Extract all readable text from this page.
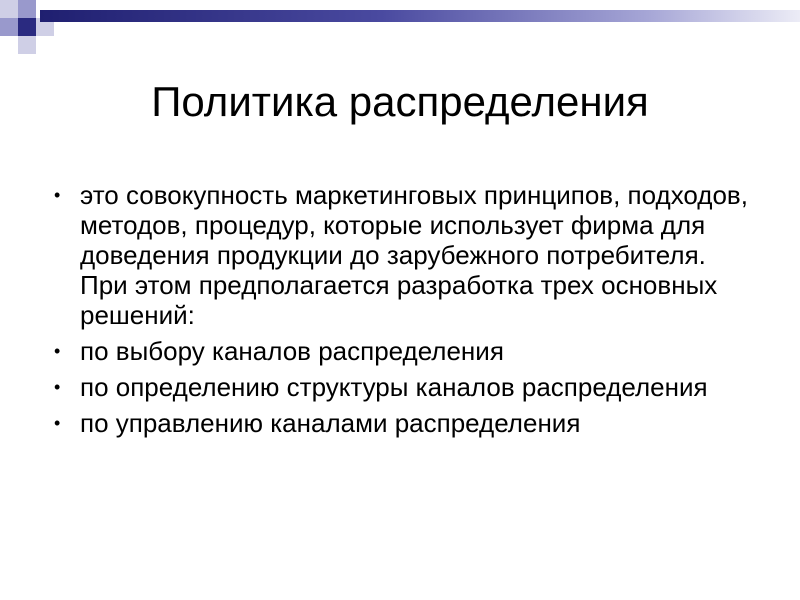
Политика распределения
• это совокупность маркетинговых принципов, подходов, методов, процедур, которые использует фирма для доведения продукции до зарубежного потребителя. При этом предполагается разработка трех основных решений:
• по выбору каналов распределения
• по определению структуры каналов распределения
• по управлению каналами распределения
